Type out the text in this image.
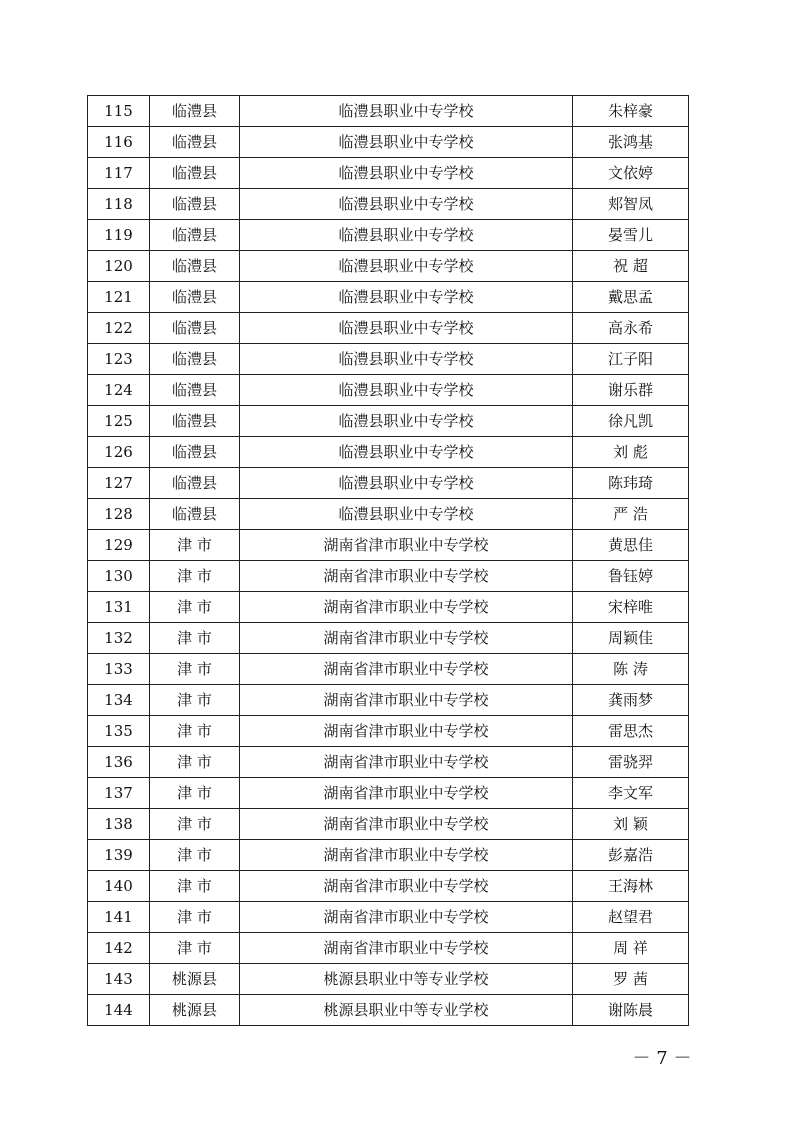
115	临澧县	临澧县职业中专学校	朱梓豪
116	临澧县	临澧县职业中专学校	张鸿基
117	临澧县	临澧县职业中专学校	文依婷
118	临澧县	临澧县职业中专学校	郏智凤
119	临澧县	临澧县职业中专学校	晏雪儿
120	临澧县	临澧县职业中专学校	祝 超
121	临澧县	临澧县职业中专学校	戴思孟
122	临澧县	临澧县职业中专学校	高永希
123	临澧县	临澧县职业中专学校	江子阳
124	临澧县	临澧县职业中专学校	谢乐群
125	临澧县	临澧县职业中专学校	徐凡凯
126	临澧县	临澧县职业中专学校	刘 彪
127	临澧县	临澧县职业中专学校	陈玮琦
128	临澧县	临澧县职业中专学校	严 浩
129	津 市	湖南省津市职业中专学校	黄思佳
130	津 市	湖南省津市职业中专学校	鲁钰婷
131	津 市	湖南省津市职业中专学校	宋梓唯
132	津 市	湖南省津市职业中专学校	周颖佳
133	津 市	湖南省津市职业中专学校	陈 涛
134	津 市	湖南省津市职业中专学校	龚雨梦
135	津 市	湖南省津市职业中专学校	雷思杰
136	津 市	湖南省津市职业中专学校	雷骁羿
137	津 市	湖南省津市职业中专学校	李文军
138	津 市	湖南省津市职业中专学校	刘 颖
139	津 市	湖南省津市职业中专学校	彭嘉浩
140	津 市	湖南省津市职业中专学校	王海林
141	津 市	湖南省津市职业中专学校	赵望君
142	津 市	湖南省津市职业中专学校	周 祥
143	桃源县	桃源县职业中等专业学校	罗 茜
144	桃源县	桃源县职业中等专业学校	谢陈晨
－ 7 －
